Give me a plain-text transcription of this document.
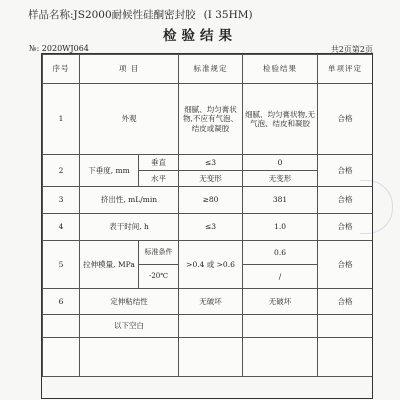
样品名称:JS2000耐候性硅酮密封胶 (I 35HM)
检验结果
№: 2020WJ064	共2页第2页
序号	项 目		标准规定	检验结果	单项评定
1	外观		细腻、均匀膏状物,不应有气泡、结皮或凝胶	细腻、均匀膏状物,无气泡、结皮和凝胶	合格
2	下垂度, mm	垂直	≤3	0	合格
		水平	无变形	无变形	
3	挤出性, mL/min		≥80	381	合格
4	表干时间, h		≤3	1.0	合格
5	拉伸模量, MPa	标准条件	>0.4 或 >0.6	0.6	合格
		-20℃		/	
6	定伸粘结性		无破坏	无破坏	合格
	以下空白				
